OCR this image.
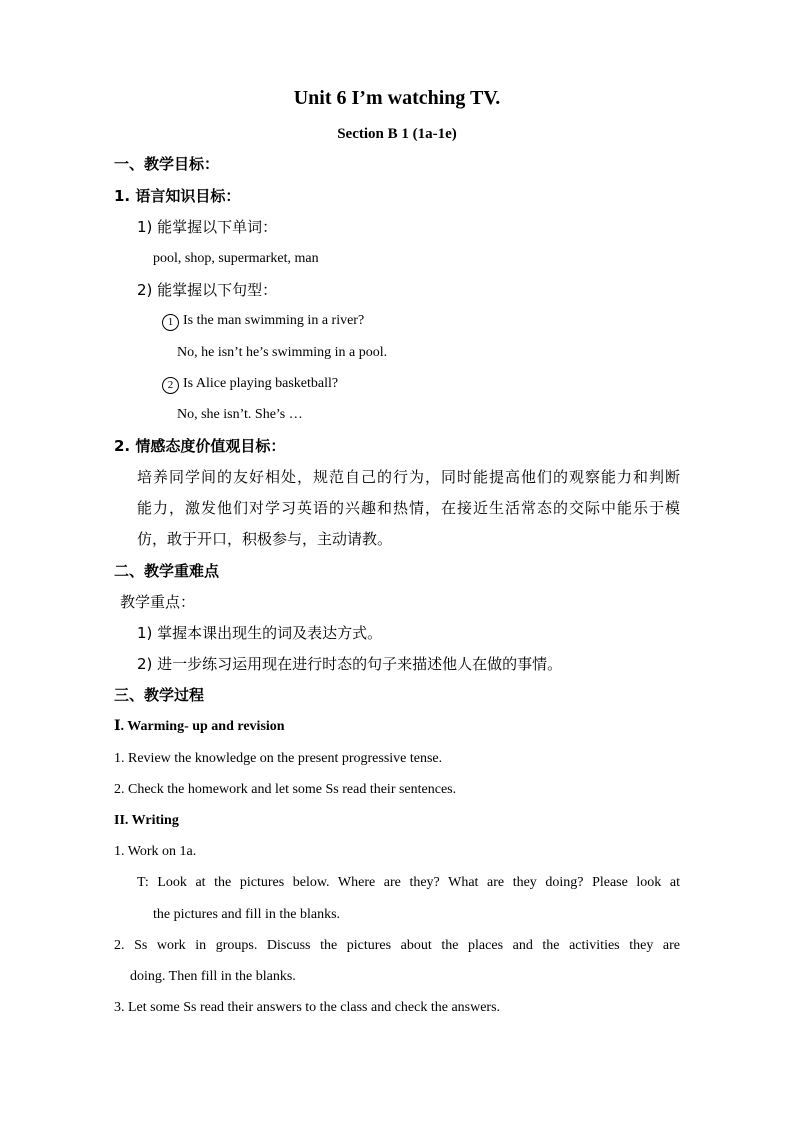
Unit 6 I’m watching TV.
Section B 1 (1a-1e)
一、教学目标：
1. 语言知识目标：
1) 能掌握以下单词：
pool, shop, supermarket, man
2) 能掌握以下句型：
1 Is the man swimming in a river?
No, he isn’t he’s swimming in a pool.
2 Is Alice playing basketball?
No, she isn’t. She’s …
2. 情感态度价值观目标：
培养同学间的友好相处，规范自己的行为，同时能提高他们的观察能力和判断
能力，激发他们对学习英语的兴趣和热情，在接近生活常态的交际中能乐于模
仿，敢于开口，积极参与，主动请教。
二、教学重难点
教学重点：
1) 掌握本课出现生的词及表达方式。
2) 进一步练习运用现在进行时态的句子来描述他人在做的事情。
三、教学过程
Ⅰ. Warming- up and revision
1. Review the knowledge on the present progressive tense.
2. Check the homework and let some Ss read their sentences.
II. Writing
1. Work on 1a.
T: Look at the pictures below. Where are they? What are they doing? Please look at
the pictures and fill in the blanks.
2. Ss work in groups. Discuss the pictures about the places and the activities they are
doing. Then fill in the blanks.
3. Let some Ss read their answers to the class and check the answers.
